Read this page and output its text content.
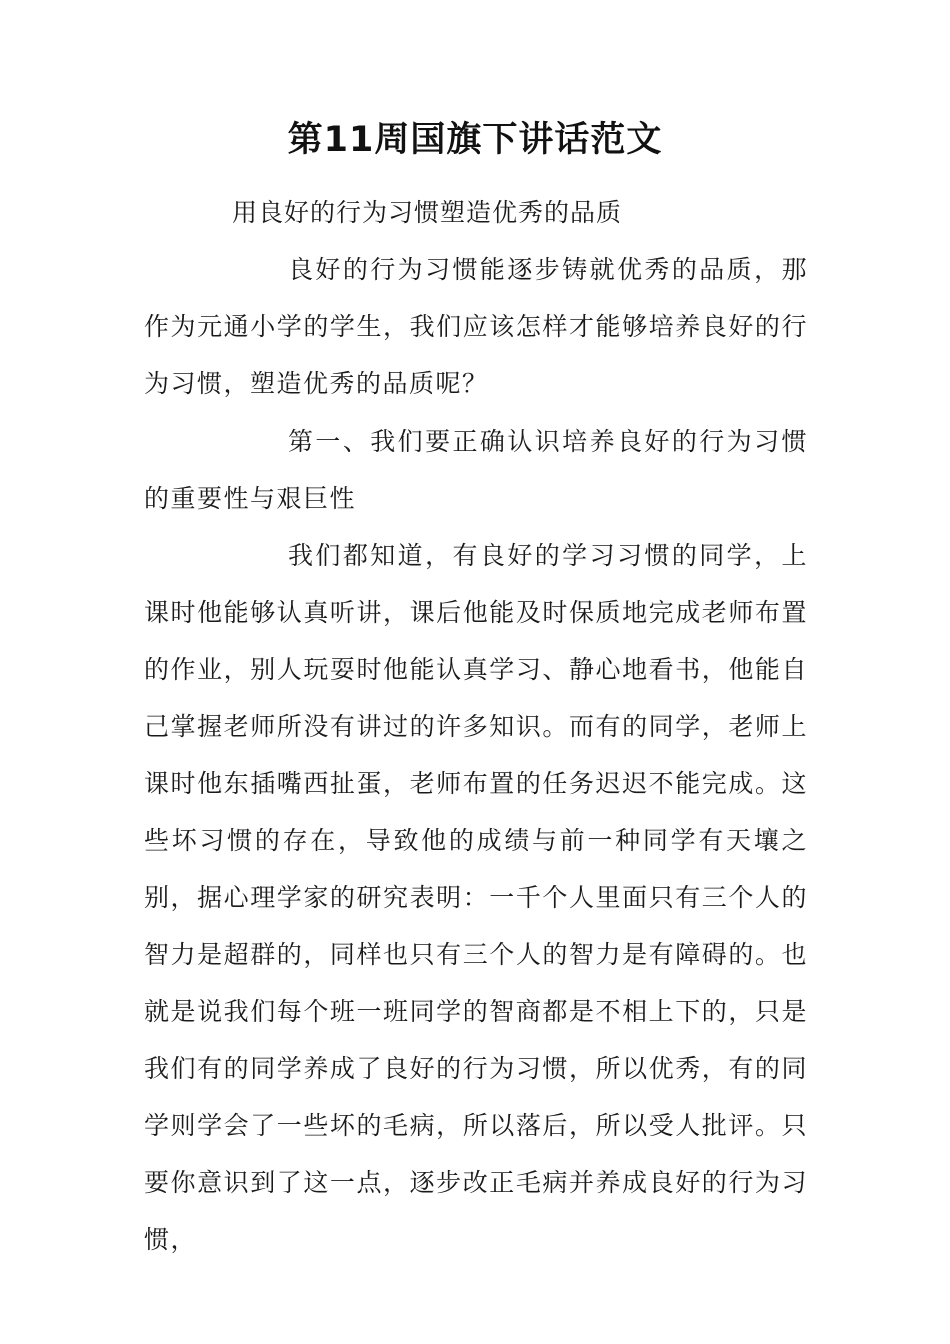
第11周国旗下讲话范文

用良好的行为习惯塑造优秀的品质

良好的行为习惯能逐步铸就优秀的品质，那作为元通小学的学生，我们应该怎样才能够培养良好的行为习惯，塑造优秀的品质呢？

第一、我们要正确认识培养良好的行为习惯的重要性与艰巨性

我们都知道，有良好的学习习惯的同学，上课时他能够认真听讲，课后他能及时保质地完成老师布置的作业，别人玩耍时他能认真学习、静心地看书，他能自己掌握老师所没有讲过的许多知识。而有的同学，老师上课时他东插嘴西扯蛋，老师布置的任务迟迟不能完成。这些坏习惯的存在，导致他的成绩与前一种同学有天壤之别，据心理学家的研究表明：一千个人里面只有三个人的智力是超群的，同样也只有三个人的智力是有障碍的。也就是说我们每个班一班同学的智商都是不相上下的，只是我们有的同学养成了良好的行为习惯，所以优秀，有的同学则学会了一些坏的毛病，所以落后，所以受人批评。只要你意识到了这一点，逐步改正毛病并养成良好的行为习惯，
